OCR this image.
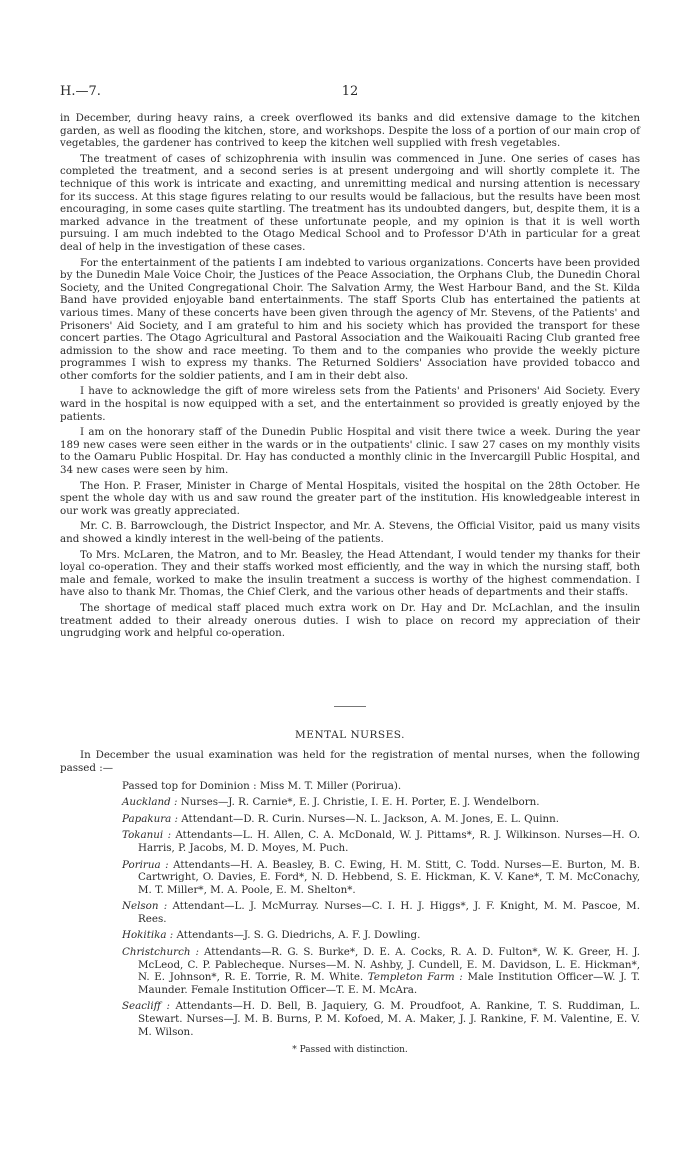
H.—7.	12

in December, during heavy rains, a creek overflowed its banks and did extensive damage to the kitchen garden, as well as flooding the kitchen, store, and workshops. Despite the loss of a portion of our main crop of vegetables, the gardener has contrived to keep the kitchen well supplied with fresh vegetables.

The treatment of cases of schizophrenia with insulin was commenced in June. One series of cases has completed the treatment, and a second series is at present undergoing and will shortly complete it. The technique of this work is intricate and exacting, and unremitting medical and nursing attention is necessary for its success. At this stage figures relating to our results would be fallacious, but the results have been most encouraging, in some cases quite startling. The treatment has its undoubted dangers, but, despite them, it is a marked advance in the treatment of these unfortunate people, and my opinion is that it is well worth pursuing. I am much indebted to the Otago Medical School and to Professor D'Ath in particular for a great deal of help in the investigation of these cases.

For the entertainment of the patients I am indebted to various organizations. Concerts have been provided by the Dunedin Male Voice Choir, the Justices of the Peace Association, the Orphans Club, the Dunedin Choral Society, and the United Congregational Choir. The Salvation Army, the West Harbour Band, and the St. Kilda Band have provided enjoyable band entertainments. The staff Sports Club has entertained the patients at various times. Many of these concerts have been given through the agency of Mr. Stevens, of the Patients' and Prisoners' Aid Society, and I am grateful to him and his society which has provided the transport for these concert parties. The Otago Agricultural and Pastoral Association and the Waikouaiti Racing Club granted free admission to the show and race meeting. To them and to the companies who provide the weekly picture programmes I wish to express my thanks. The Returned Soldiers' Association have provided tobacco and other comforts for the soldier patients, and I am in their debt also.

I have to acknowledge the gift of more wireless sets from the Patients' and Prisoners' Aid Society. Every ward in the hospital is now equipped with a set, and the entertainment so provided is greatly enjoyed by the patients.

I am on the honorary staff of the Dunedin Public Hospital and visit there twice a week. During the year 189 new cases were seen either in the wards or in the outpatients' clinic. I saw 27 cases on my monthly visits to the Oamaru Public Hospital. Dr. Hay has conducted a monthly clinic in the Invercargill Public Hospital, and 34 new cases were seen by him.

The Hon. P. Fraser, Minister in Charge of Mental Hospitals, visited the hospital on the 28th October. He spent the whole day with us and saw round the greater part of the institution. His knowledgeable interest in our work was greatly appreciated.

Mr. C. B. Barrowclough, the District Inspector, and Mr. A. Stevens, the Official Visitor, paid us many visits and showed a kindly interest in the well-being of the patients.

To Mrs. McLaren, the Matron, and to Mr. Beasley, the Head Attendant, I would tender my thanks for their loyal co-operation. They and their staffs worked most efficiently, and the way in which the nursing staff, both male and female, worked to make the insulin treatment a success is worthy of the highest commendation. I have also to thank Mr. Thomas, the Chief Clerk, and the various other heads of departments and their staffs.

The shortage of medical staff placed much extra work on Dr. Hay and Dr. McLachlan, and the insulin treatment added to their already onerous duties. I wish to place on record my appreciation of their ungrudging work and helpful co-operation.

MENTAL NURSES.

In December the usual examination was held for the registration of mental nurses, when the following passed :—

Passed top for Dominion : Miss M. T. Miller (Porirua).
Auckland : Nurses—J. R. Carnie*, E. J. Christie, I. E. H. Porter, E. J. Wendelborn.
Papakura : Attendant—D. R. Curin. Nurses—N. L. Jackson, A. M. Jones, E. L. Quinn.
Tokanui : Attendants—L. H. Allen, C. A. McDonald, W. J. Pittams*, R. J. Wilkinson. Nurses—H. O. Harris, P. Jacobs, M. D. Moyes, M. Puch.
Porirua : Attendants—H. A. Beasley, B. C. Ewing, H. M. Stitt, C. Todd. Nurses—E. Burton, M. B. Cartwright, O. Davies, E. Ford*, N. D. Hebbend, S. E. Hickman, K. V. Kane*, T. M. McConachy, M. T. Miller*, M. A. Poole, E. M. Shelton*.
Nelson : Attendant—L. J. McMurray. Nurses—C. I. H. J. Higgs*, J. F. Knight, M. M. Pascoe, M. Rees.
Hokitika : Attendants—J. S. G. Diedrichs, A. F. J. Dowling.
Christchurch : Attendants—R. G. S. Burke*, D. E. A. Cocks, R. A. D. Fulton*, W. K. Greer, H. J. McLeod, C. P. Pablecheque. Nurses—M. N. Ashby, J. Cundell, E. M. Davidson, L. E. Hickman*, N. E. Johnson*, R. E. Torrie, R. M. White. Templeton Farm : Male Institution Officer—W. J. T. Maunder. Female Institution Officer—T. E. M. McAra.
Seacliff : Attendants—H. D. Bell, B. Jaquiery, G. M. Proudfoot, A. Rankine, T. S. Ruddiman, L. Stewart. Nurses—J. M. B. Burns, P. M. Kofoed, M. A. Maker, J. J. Rankine, F. M. Valentine, E. V. M. Wilson.
* Passed with distinction.
